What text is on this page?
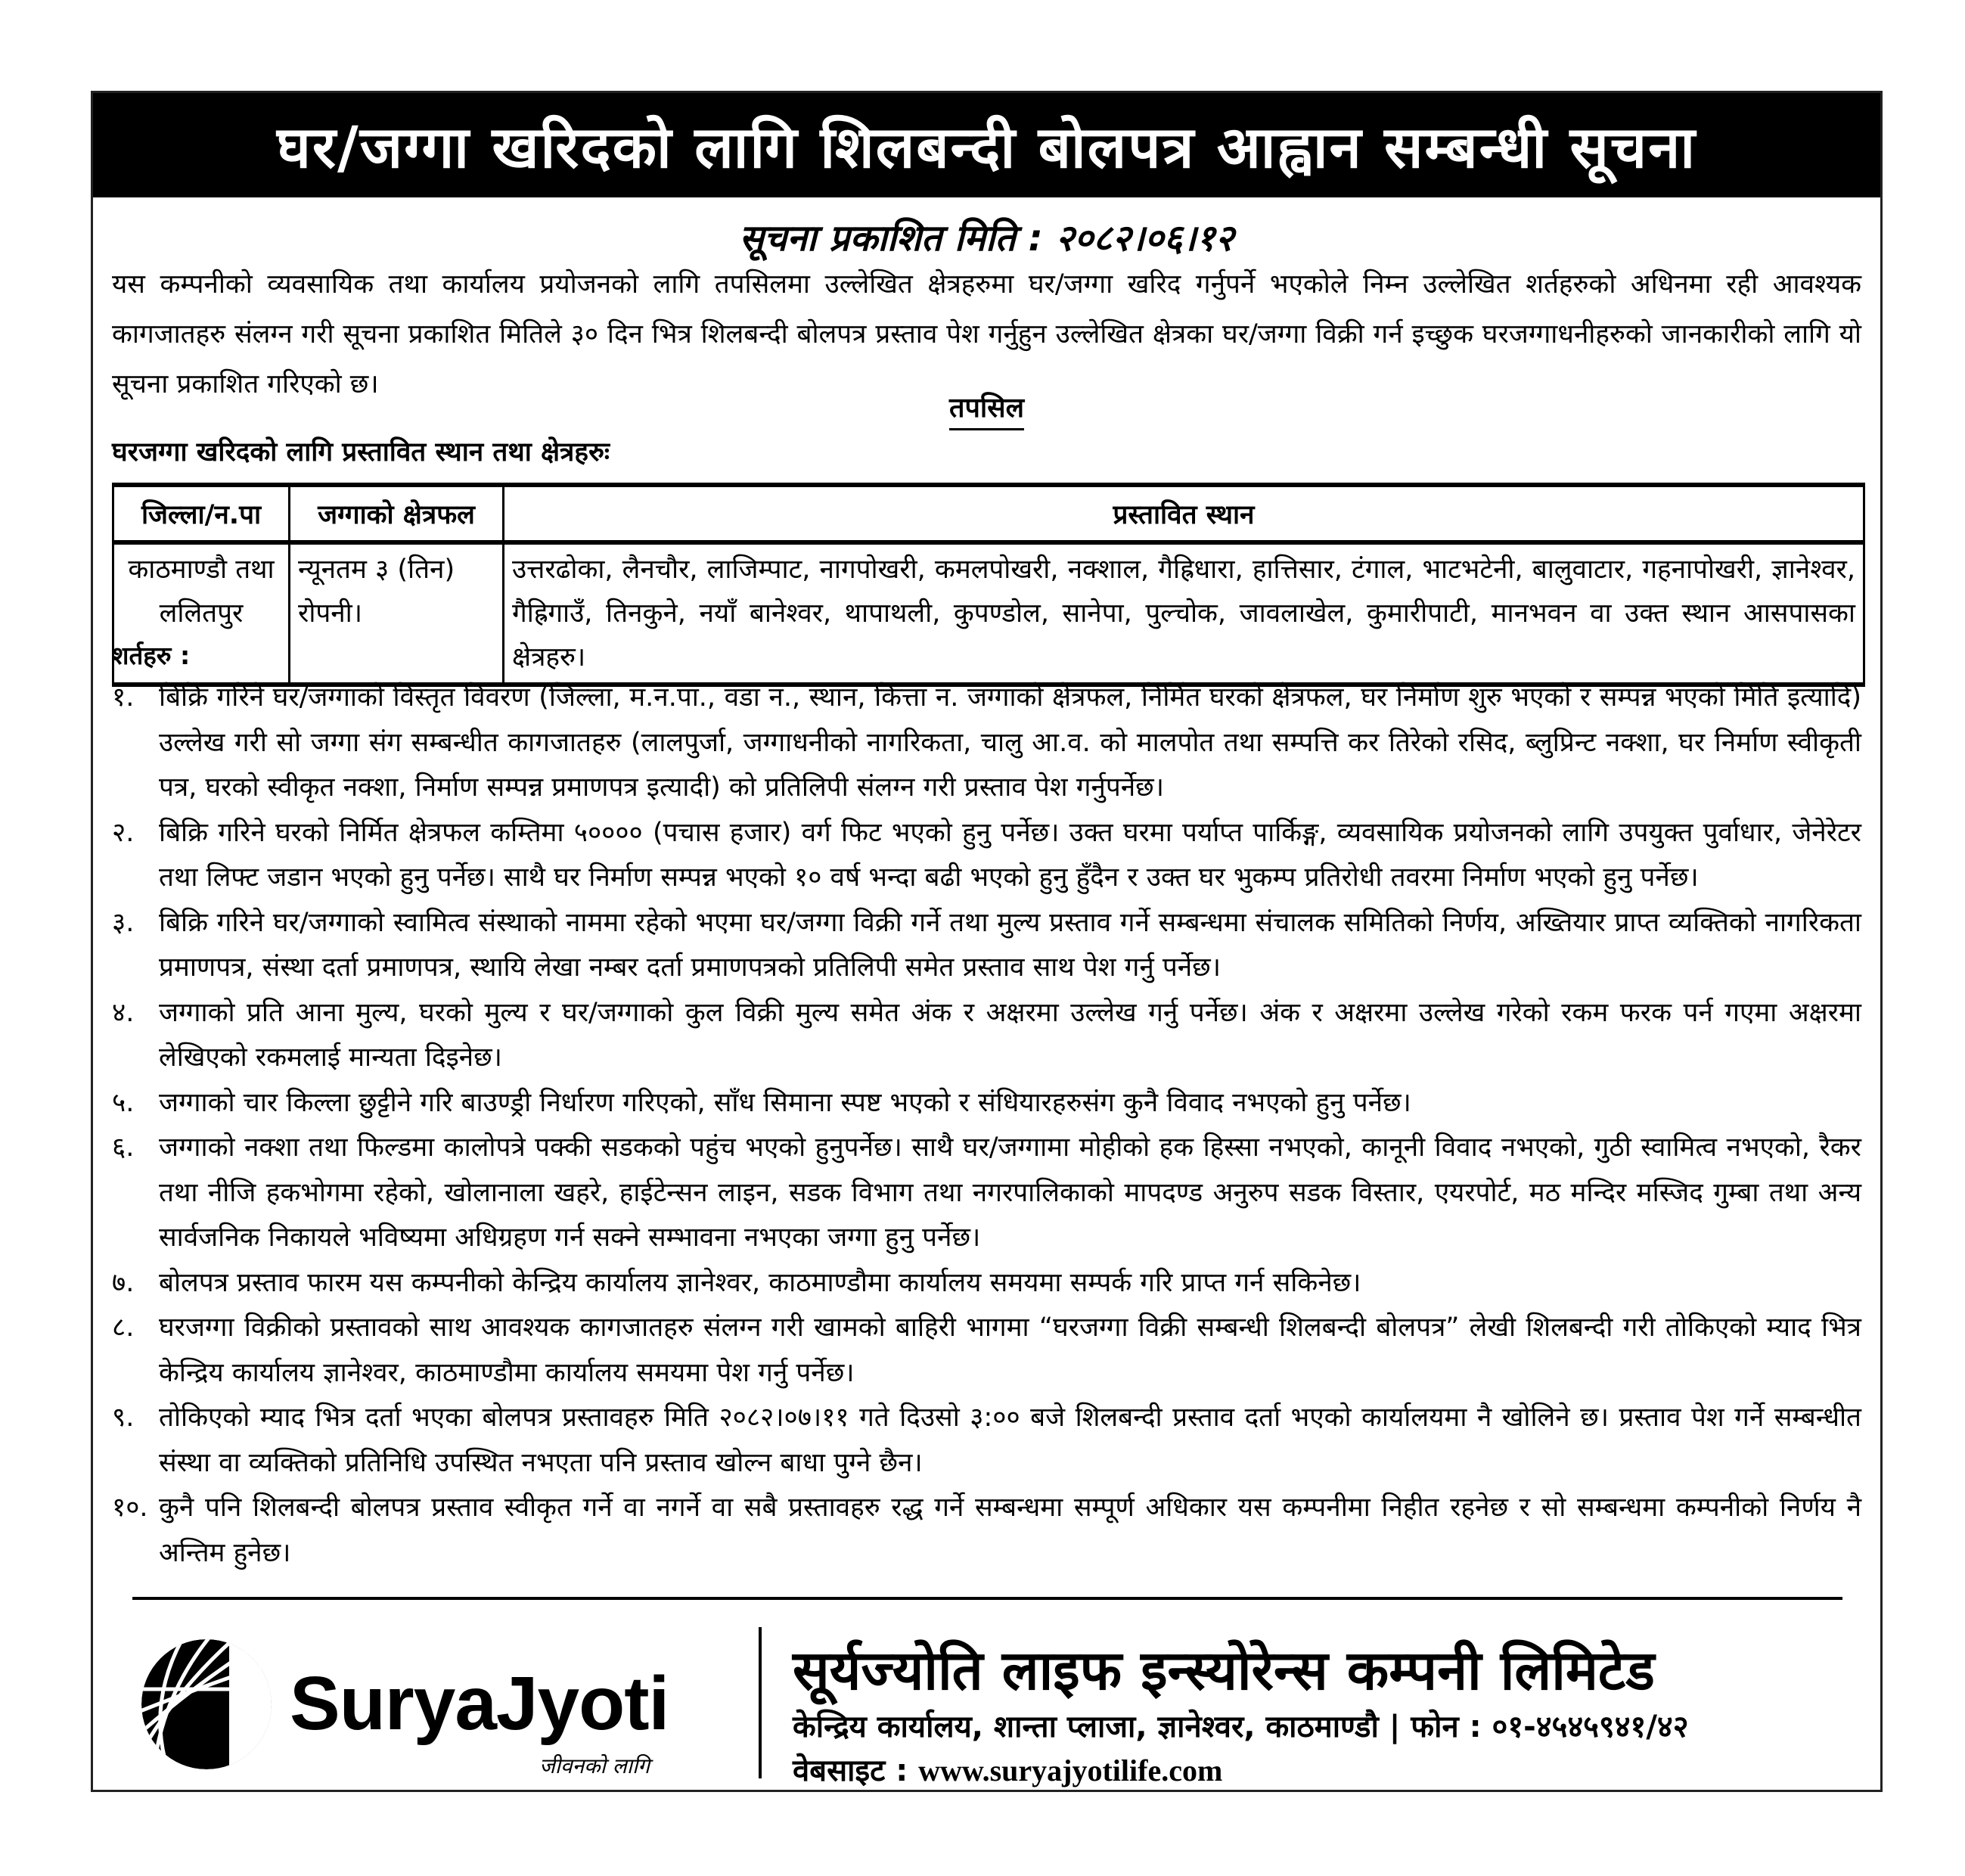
घर/जग्गा खरिदको लागि शिलबन्दी बोलपत्र आह्वान सम्बन्धी सूचना
सूचना प्रकाशित मिति : २०८२।०६।१२
यस कम्पनीको व्यवसायिक तथा कार्यालय प्रयोजनको लागि तपसिलमा उल्लेखित क्षेत्रहरुमा घर/जग्गा खरिद गर्नुपर्ने भएकोले निम्न उल्लेखित शर्तहरुको अधिनमा रही आवश्यक कागजातहरु संलग्न गरी सूचना प्रकाशित मितिले ३० दिन भित्र शिलबन्दी बोलपत्र प्रस्ताव पेश गर्नुहुन उल्लेखित क्षेत्रका घर/जग्गा विक्री गर्न इच्छुक घरजग्गाधनीहरुको जानकारीको लागि यो सूचना प्रकाशित गरिएको छ।
तपसिल
घरजग्गा खरिदको लागि प्रस्तावित स्थान तथा क्षेत्रहरुः
जिल्ला/न.पा	जग्गाको क्षेत्रफल	प्रस्तावित स्थान
काठमाण्डौ तथा ललितपुर	न्यूनतम ३ (तिन) रोपनी।	उत्तरढोका, लैनचौर, लाजिम्पाट, नागपोखरी, कमलपोखरी, नक्शाल, गैह्रिधारा, हात्तिसार, टंगाल, भाटभटेनी, बालुवाटार, गहनापोखरी, ज्ञानेश्वर, गैह्रिगाउँ, तिनकुने, नयाँ बानेश्वर, थापाथली, कुपण्डोल, सानेपा, पुल्चोक, जावलाखेल, कुमारीपाटी, मानभवन वा उक्त स्थान आसपासका क्षेत्रहरु।
शर्तहरु :
१. बिक्रि गरिने घर/जग्गाको विस्तृत विवरण (जिल्ला, म.न.पा., वडा नं., स्थान, कित्ता नं. जग्गाको क्षेत्रफल, निर्मित घरको क्षेत्रफल, घर निर्माण शुरु भएको र सम्पन्न भएको मिति इत्यादि) उल्लेख गरी सो जग्गा संग सम्बन्धीत कागजातहरु (लालपुर्जा, जग्गाधनीको नागरिकता, चालु आ.व. को मालपोत तथा सम्पत्ति कर तिरेको रसिद, ब्लुप्रिन्ट नक्शा, घर निर्माण स्वीकृती पत्र, घरको स्वीकृत नक्शा, निर्माण सम्पन्न प्रमाणपत्र इत्यादी) को प्रतिलिपी संलग्न गरी प्रस्ताव पेश गर्नुपर्नेछ।
२. बिक्रि गरिने घरको निर्मित क्षेत्रफल कम्तिमा ५०००० (पचास हजार) वर्ग फिट भएको हुनु पर्नेछ। उक्त घरमा पर्याप्त पार्किङ्ग, व्यवसायिक प्रयोजनको लागि उपयुक्त पुर्वाधार, जेनेरेटर तथा लिफ्ट जडान भएको हुनु पर्नेछ। साथै घर निर्माण सम्पन्न भएको १० वर्ष भन्दा बढी भएको हुनु हुँदैन र उक्त घर भुकम्प प्रतिरोधी तवरमा निर्माण भएको हुनु पर्नेछ।
३. बिक्रि गरिने घर/जग्गाको स्वामित्व संस्थाको नाममा रहेको भएमा घर/जग्गा विक्री गर्ने तथा मुल्य प्रस्ताव गर्ने सम्बन्धमा संचालक समितिको निर्णय, अख्तियार प्राप्त व्यक्तिको नागरिकता प्रमाणपत्र, संस्था दर्ता प्रमाणपत्र, स्थायि लेखा नम्बर दर्ता प्रमाणपत्रको प्रतिलिपी समेत प्रस्ताव साथ पेश गर्नु पर्नेछ।
४. जग्गाको प्रति आना मुल्य, घरको मुल्य र घर/जग्गाको कुल विक्री मुल्य समेत अंक र अक्षरमा उल्लेख गर्नु पर्नेछ। अंक र अक्षरमा उल्लेख गरेको रकम फरक पर्न गएमा अक्षरमा लेखिएको रकमलाई मान्यता दिइनेछ।
५. जग्गाको चार किल्ला छुट्टीने गरि बाउण्ड्री निर्धारण गरिएको, साँध सिमाना स्पष्ट भएको र संधियारहरुसंग कुनै विवाद नभएको हुनु पर्नेछ।
६. जग्गाको नक्शा तथा फिल्डमा कालोपत्रे पक्की सडकको पहुंच भएको हुनुपर्नेछ। साथै घर/जग्गामा मोहीको हक हिस्सा नभएको, कानूनी विवाद नभएको, गुठी स्वामित्व नभएको, रैकर तथा नीजि हकभोगमा रहेको, खोलानाला खहरे, हाईटेन्सन लाइन, सडक विभाग तथा नगरपालिकाको मापदण्ड अनुरुप सडक विस्तार, एयरपोर्ट, मठ मन्दिर मस्जिद गुम्बा तथा अन्य सार्वजनिक निकायले भविष्यमा अधिग्रहण गर्न सक्ने सम्भावना नभएका जग्गा हुनु पर्नेछ।
७. बोलपत्र प्रस्ताव फारम यस कम्पनीको केन्द्रिय कार्यालय ज्ञानेश्वर, काठमाण्डौमा कार्यालय समयमा सम्पर्क गरि प्राप्त गर्न सकिनेछ।
८. घरजग्गा विक्रीको प्रस्तावको साथ आवश्यक कागजातहरु संलग्न गरी खामको बाहिरी भागमा “घरजग्गा विक्री सम्बन्धी शिलबन्दी बोलपत्र” लेखी शिलबन्दी गरी तोकिएको म्याद भित्र केन्द्रिय कार्यालय ज्ञानेश्वर, काठमाण्डौमा कार्यालय समयमा पेश गर्नु पर्नेछ।
९. तोकिएको म्याद भित्र दर्ता भएका बोलपत्र प्रस्तावहरु मिति २०८२।०७।११ गते दिउसो ३:०० बजे शिलबन्दी प्रस्ताव दर्ता भएको कार्यालयमा नै खोलिने छ। प्रस्ताव पेश गर्ने सम्बन्धीत संस्था वा व्यक्तिको प्रतिनिधि उपस्थित नभएता पनि प्रस्ताव खोल्न बाधा पुग्ने छैन।
१०. कुनै पनि शिलबन्दी बोलपत्र प्रस्ताव स्वीकृत गर्ने वा नगर्ने वा सबै प्रस्तावहरु रद्ध गर्ने सम्बन्धमा सम्पूर्ण अधिकार यस कम्पनीमा निहीत रहनेछ र सो सम्बन्धमा कम्पनीको निर्णय नै अन्तिम हुनेछ।
SuryaJyoti
जीवनको लागि
सूर्यज्योति लाइफ इन्स्योरेन्स कम्पनी लिमिटेड
केन्द्रिय कार्यालय, शान्ता प्लाजा, ज्ञानेश्वर, काठमाण्डौ | फोन : ०१-४५४५९४१/४२
वेबसाइट : www.suryajyotilife.com
